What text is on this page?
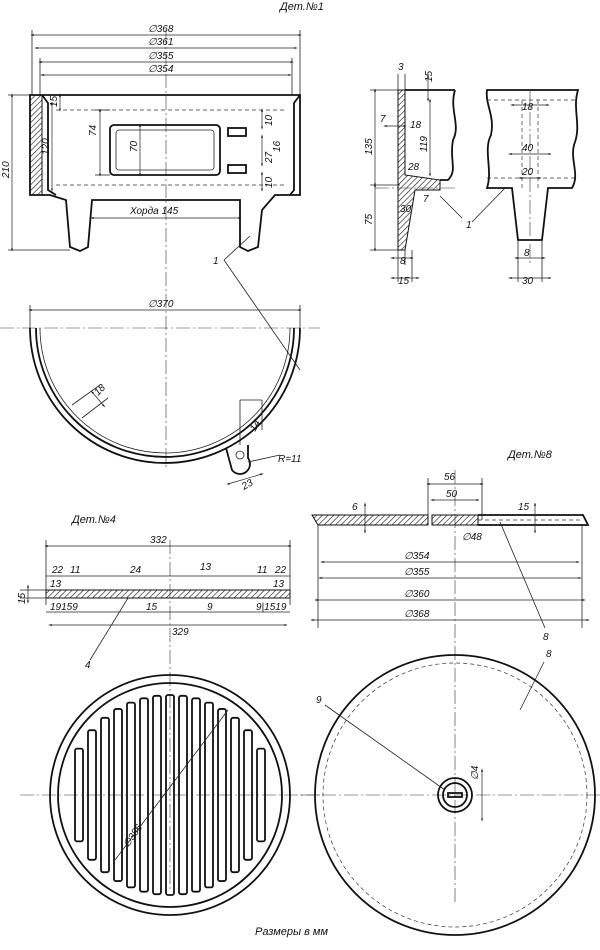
Дет.№1
∅368
∅361
∅355
∅354
210
120
15
74
70
10
27
16
10
Хорда 145
1
∅370
18
14
R=11
23
3
15
135
75
7
18
119
28
7
30
8
15
1
18
40
20
8
30
Дет.№4
332
22 11	24	13	11 22
13	13
15
19159	15	9	9|1519
329
4
∅386
Дет.№8
56
50
6	15
∅48
∅354
∅355
∅360
∅368
8
9
8
∅4
Размеры в мм
